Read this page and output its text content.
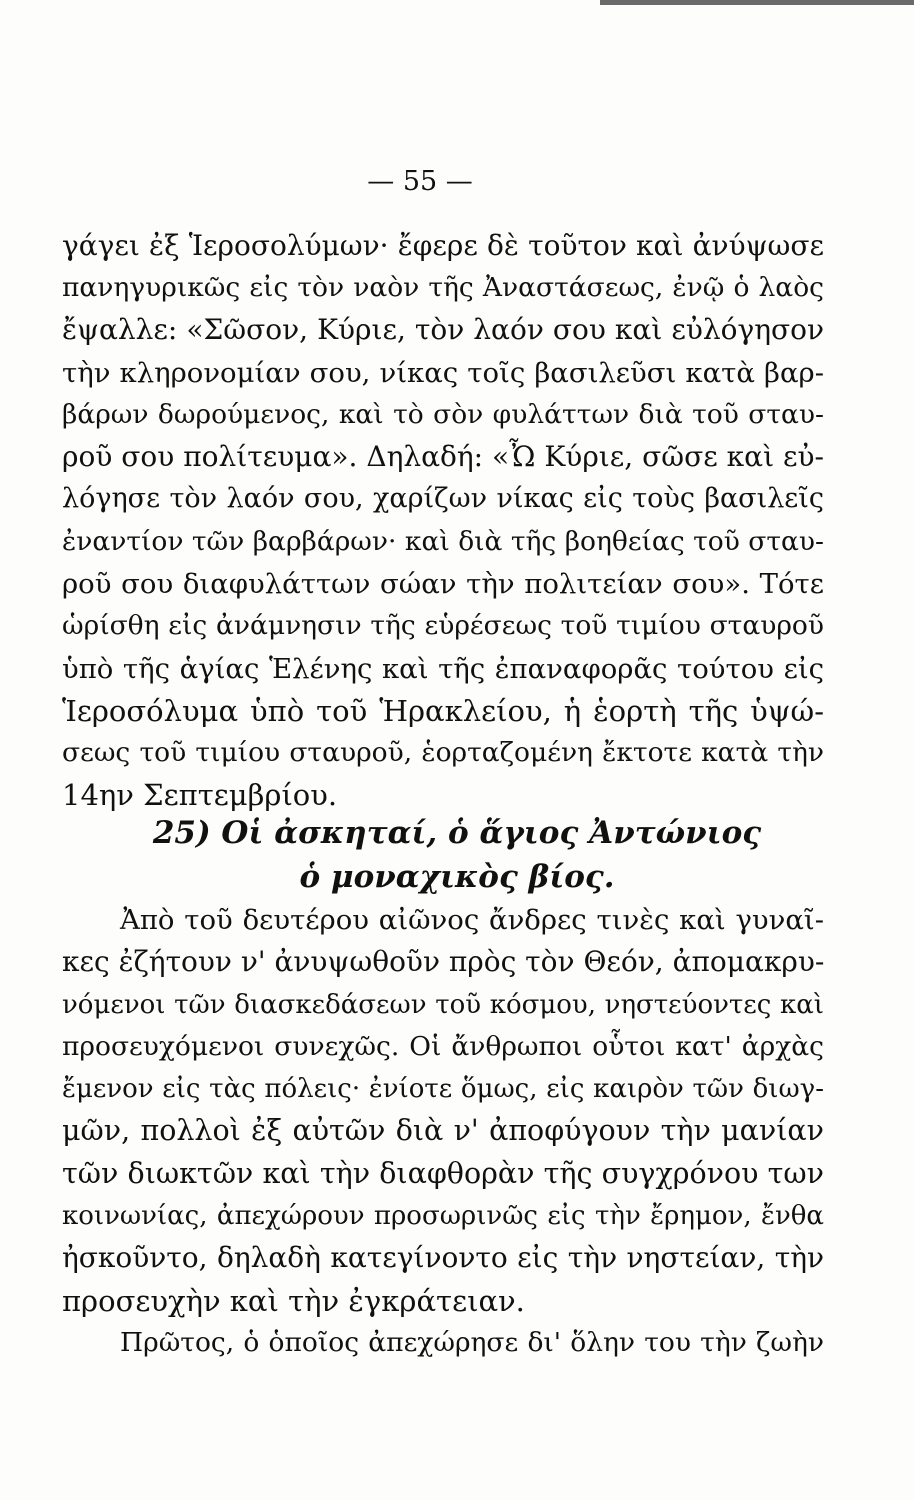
— 55 —
γάγει ἐξ Ἱεροσολύμων· ἔφερε δὲ τοῦτον καὶ ἀνύψωσε
πανηγυρικῶς εἰς τὸν ναὸν τῆς Ἀναστάσεως, ἐνῷ ὁ λαὸς
ἔψαλλε: «Σῶσον, Κύριε, τὸν λαόν σου καὶ εὐλόγησον
τὴν κληρονομίαν σου, νίκας τοῖς βασιλεῦσι κατὰ βαρ-
βάρων δωρούμενος, καὶ τὸ σὸν φυλάττων διὰ τοῦ σταυ-
ροῦ σου πολίτευμα». Δηλαδή: «Ὦ Κύριε, σῶσε καὶ εὐ-
λόγησε τὸν λαόν σου, χαρίζων νίκας εἰς τοὺς βασιλεῖς
ἐναντίον τῶν βαρβάρων· καὶ διὰ τῆς βοηθείας τοῦ σταυ-
ροῦ σου διαφυλάττων σώαν τὴν πολιτείαν σου». Τότε
ὡρίσθη εἰς ἀνάμνησιν τῆς εὑρέσεως τοῦ τιμίου σταυροῦ
ὑπὸ τῆς ἁγίας Ἑλένης καὶ τῆς ἐπαναφορᾶς τούτου εἰς
Ἱεροσόλυμα ὑπὸ τοῦ Ἡρακλείου, ἡ ἑορτὴ τῆς ὑψώ-
σεως τοῦ τιμίου σταυροῦ, ἑορταζομένη ἔκτοτε κατὰ τὴν
14ην Σεπτεμβρίου.
25) Οἱ ἀσκηταί, ὁ ἅγιος Ἀντώνιος
ὁ μοναχικὸς βίος.
Ἀπὸ τοῦ δευτέρου αἰῶνος ἄνδρες τινὲς καὶ γυναῖ-
κες ἐζήτουν ν' ἀνυψωθοῦν πρὸς τὸν Θεόν, ἀπομακρυ-
νόμενοι τῶν διασκεδάσεων τοῦ κόσμου, νηστεύοντες καὶ
προσευχόμενοι συνεχῶς. Οἱ ἄνθρωποι οὗτοι κατ' ἀρχὰς
ἔμενον εἰς τὰς πόλεις· ἐνίοτε ὅμως, εἰς καιρὸν τῶν διωγ-
μῶν, πολλοὶ ἐξ αὐτῶν διὰ ν' ἀποφύγουν τὴν μανίαν
τῶν διωκτῶν καὶ τὴν διαφθορὰν τῆς συγχρόνου των
κοινωνίας, ἀπεχώρουν προσωρινῶς εἰς τὴν ἔρημον, ἔνθα
ἠσκοῦντο, δηλαδὴ κατεγίνοντο εἰς τὴν νηστείαν, τὴν
προσευχὴν καὶ τὴν ἐγκράτειαν.
Πρῶτος, ὁ ὁποῖος ἀπεχώρησε δι' ὅλην του τὴν ζωὴν
